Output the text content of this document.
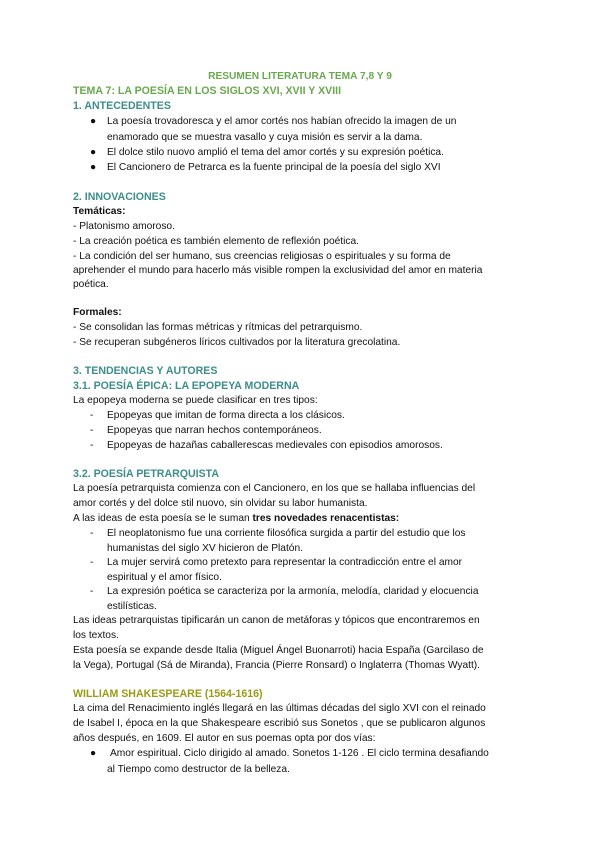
RESUMEN LITERATURA TEMA 7,8 Y 9
TEMA 7: LA POESÍA EN LOS SIGLOS XVI, XVII Y XVIII
1. ANTECEDENTES
● La poesía trovadoresca y el amor cortés nos habían ofrecido la imagen de un
enamorado que se muestra vasallo y cuya misión es servir a la dama.
● El dolce stilo nuovo amplió el tema del amor cortés y su expresión poética.
● El Cancionero de Petrarca es la fuente principal de la poesía del siglo XVI
2. INNOVACIONES
Temáticas:
- Platonismo amoroso.
- La creación poética es también elemento de reflexión poética.
- La condición del ser humano, sus creencias religiosas o espirituales y su forma de
aprehender el mundo para hacerlo más visible rompen la exclusividad del amor en materia
poética.
Formales:
- Se consolidan las formas métricas y rítmicas del petrarquismo.
- Se recuperan subgéneros líricos cultivados por la literatura grecolatina.
3. TENDENCIAS Y AUTORES
3.1. POESÍA ÉPICA: LA EPOPEYA MODERNA
La epopeya moderna se puede clasificar en tres tipos:
- Epopeyas que imitan de forma directa a los clásicos.
- Epopeyas que narran hechos contemporáneos.
- Epopeyas de hazañas caballerescas medievales con episodios amorosos.
3.2. POESÍA PETRARQUISTA
La poesía petrarquista comienza con el Cancionero, en los que se hallaba influencias del
amor cortés y del dolce stil nuovo, sin olvidar su labor humanista.
A las ideas de esta poesía se le suman tres novedades renacentistas:
- El neoplatonismo fue una corriente filosófica surgida a partir del estudio que los
humanistas del siglo XV hicieron de Platón.
- La mujer servirá como pretexto para representar la contradicción entre el amor
espiritual y el amor físico.
- La expresión poética se caracteriza por la armonía, melodía, claridad y elocuencia
estilísticas.
Las ideas petrarquistas tipificarán un canon de metáforas y tópicos que encontraremos en
los textos.
Esta poesía se expande desde Italia (Miguel Ángel Buonarroti) hacia España (Garcilaso de
la Vega), Portugal (Sá de Miranda), Francia (Pierre Ronsard) o Inglaterra (Thomas Wyatt).
WILLIAM SHAKESPEARE (1564-1616)
La cima del Renacimiento inglés llegará en las últimas décadas del siglo XVI con el reinado
de Isabel I, época en la que Shakespeare escribió sus Sonetos , que se publicaron algunos
años después, en 1609. El autor en sus poemas opta por dos vías:
● Amor espiritual. Ciclo dirigido al amado. Sonetos 1-126 . El ciclo termina desafiando
al Tiempo como destructor de la belleza.
